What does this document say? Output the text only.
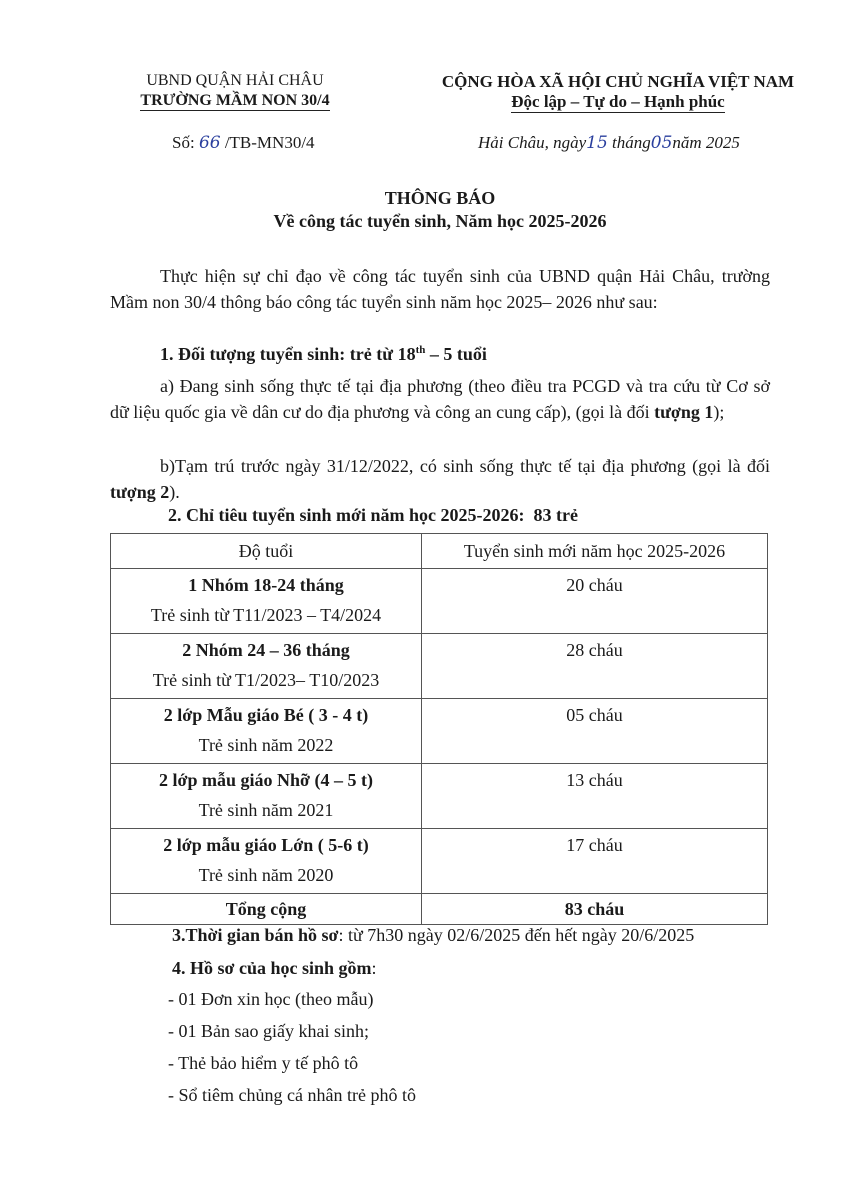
UBND QUẬN HẢI CHÂU
TRƯỜNG MẦM NON 30/4
CỘNG HÒA XÃ HỘI CHỦ NGHĨA VIỆT NAM
Độc lập – Tự do – Hạnh phúc
Số: 66 /TB-MN30/4	Hải Châu, ngày15 tháng05năm 2025
THÔNG BÁO
Về công tác tuyển sinh, Năm học 2025-2026
Thực hiện sự chỉ đạo về công tác tuyển sinh của UBND quận Hải Châu, trường Mầm non 30/4 thông báo công tác tuyển sinh năm học 2025– 2026 như sau:
1. Đối tượng tuyển sinh: trẻ từ 18th – 5 tuổi
a) Đang sinh sống thực tế tại địa phương (theo điều tra PCGD và tra cứu từ Cơ sở dữ liệu quốc gia về dân cư do địa phương và công an cung cấp), (gọi là đối tượng 1);
b)Tạm trú trước ngày 31/12/2022, có sinh sống thực tế tại địa phương (gọi là đối tượng 2).
2. Chỉ tiêu tuyển sinh mới năm học 2025-2026: 83 trẻ
Độ tuổi	Tuyển sinh mới năm học 2025-2026

1 Nhóm 18-24 tháng
Trẻ sinh từ T11/2023 – T4/2024	20 cháu

2 Nhóm 24 – 36 tháng
Trẻ sinh từ T1/2023– T10/2023	28 cháu

2 lớp Mẫu giáo Bé ( 3 - 4 t)
Trẻ sinh năm 2022	05 cháu

2 lớp mẫu giáo Nhỡ (4 – 5 t)
Trẻ sinh năm 2021	13 cháu

2 lớp mẫu giáo Lớn ( 5-6 t)
Trẻ sinh năm 2020	17 cháu

Tổng cộng	83 cháu
3.Thời gian bán hồ sơ: từ 7h30 ngày 02/6/2025 đến hết ngày 20/6/2025
4. Hồ sơ của học sinh gồm:
- 01 Đơn xin học (theo mẫu)
- 01 Bản sao giấy khai sinh;
- Thẻ bảo hiểm y tế phô tô
- Sổ tiêm chủng cá nhân trẻ phô tô
